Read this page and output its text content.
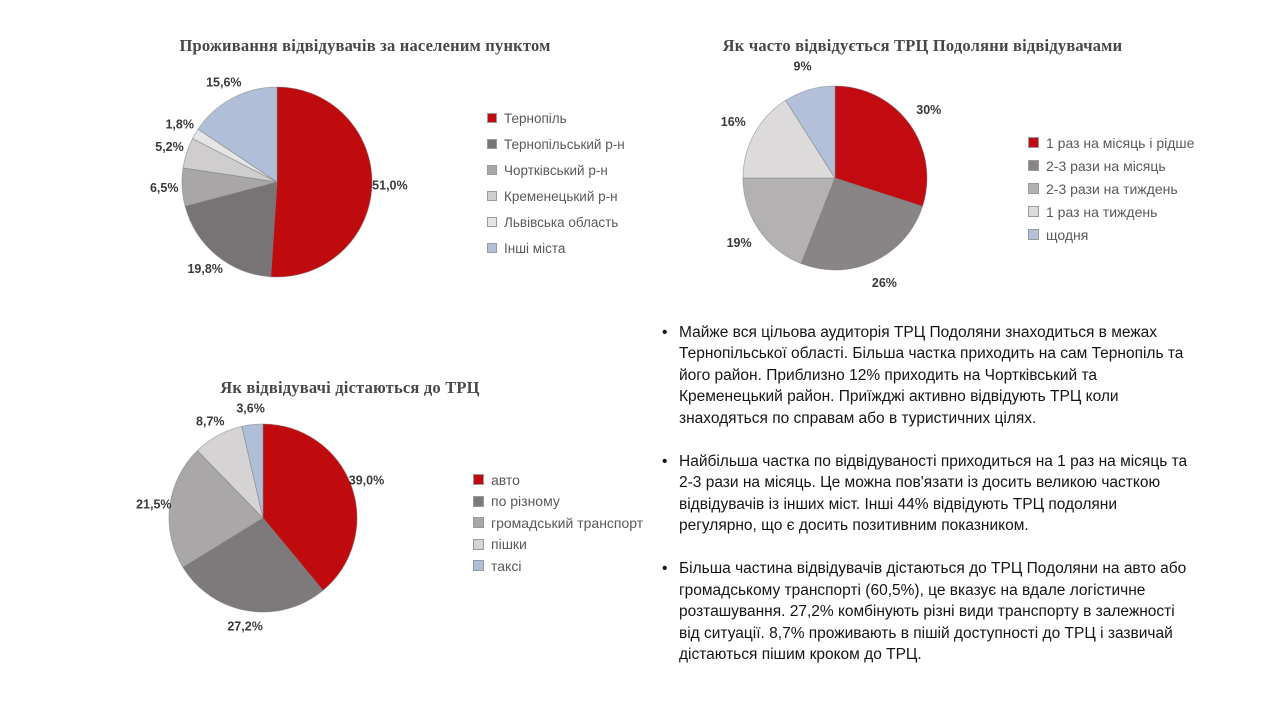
Проживання відвідувачів за населеним пунктом
51,0%
19,8%
6,5%
5,2%
1,8%
15,6%
Тернопіль
Тернопільський р-н
Чортківський р-н
Кременецький р-н
Львівська область
Інші міста
Як часто відвідується ТРЦ Подоляни відвідувачами
30%
26%
19%
16%
9%
1 раз на місяць і рідше
2-3 рази на місяць
2-3 рази на тиждень
1 раз на тиждень
щодня
Як відвідувачі дістаються до ТРЦ
39,0%
27,2%
21,5%
8,7%
3,6%
авто
по різному
громадський транспорт
пішки
таксі
• Майже вся цільова аудиторія ТРЦ Подоляни знаходиться в межах Тернопільської області. Більша частка приходить на сам Тернопіль та його район. Приблизно 12% приходить на Чортківський та Кременецький район. Приїжджі активно відвідують ТРЦ коли знаходяться по справам або в туристичних цілях.
• Найбільша частка по відвідуваності приходиться на 1 раз на місяць та 2-3 рази на місяць. Це можна пов'язати із досить великою часткою відвідувачів із інших міст. Інші 44% відвідують ТРЦ подоляни регулярно, що є досить позитивним показником.
• Більша частина відвідувачів дістаються до ТРЦ Подоляни на авто або громадському транспорті (60,5%), це вказує на вдале логістичне розташування. 27,2% комбінують різні види транспорту в залежності від ситуації. 8,7% проживають в пішій доступності до ТРЦ і зазвичай дістаються пішим кроком до ТРЦ.
